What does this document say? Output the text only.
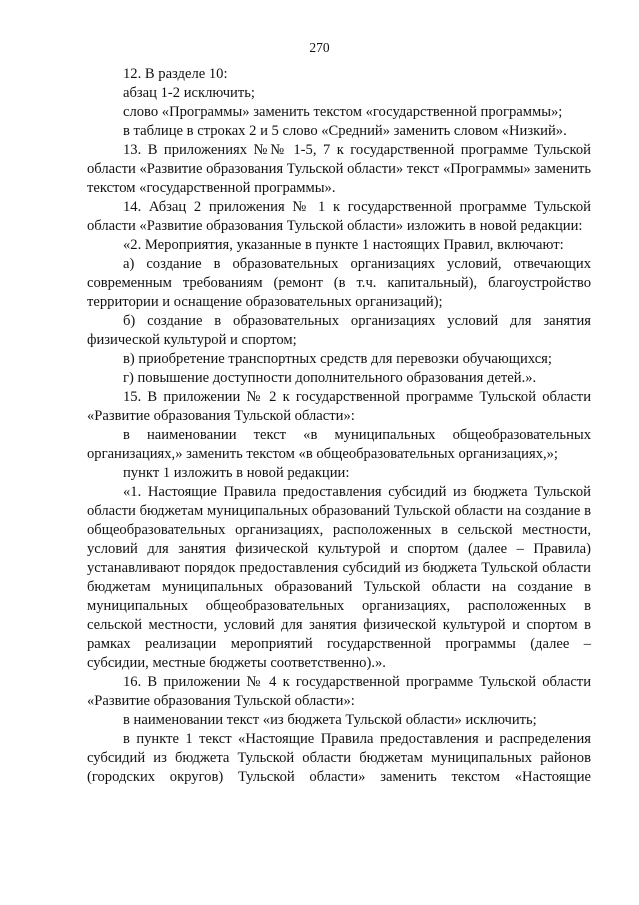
270

12. В разделе 10:

абзац 1-2 исключить;

слово «Программы» заменить текстом «государственной программы»;

в таблице в строках 2 и 5 слово «Средний» заменить словом «Низкий».

13. В приложениях №№ 1-5, 7 к государственной программе Тульской области «Развитие образования Тульской области» текст «Программы» заменить текстом «государственной программы».

14. Абзац 2 приложения № 1 к государственной программе Тульской области «Развитие образования Тульской области» изложить в новой редакции:

«2. Мероприятия, указанные в пункте 1 настоящих Правил, включают:

а) создание в образовательных организациях условий, отвечающих современным требованиям (ремонт (в т.ч. капитальный), благоустройство территории и оснащение образовательных организаций);

б) создание в образовательных организациях условий для занятия физической культурой и спортом;

в) приобретение транспортных средств для перевозки обучающихся;

г) повышение доступности дополнительного образования детей.».

15. В приложении № 2 к государственной программе Тульской области «Развитие образования Тульской области»:

в наименовании текст «в муниципальных общеобразовательных организациях,» заменить текстом «в общеобразовательных организациях,»;

пункт 1 изложить в новой редакции:

«1. Настоящие Правила предоставления субсидий из бюджета Тульской области бюджетам муниципальных образований Тульской области на создание в общеобразовательных организациях, расположенных в сельской местности, условий для занятия физической культурой и спортом (далее – Правила) устанавливают порядок предоставления субсидий из бюджета Тульской области бюджетам муниципальных образований Тульской области на создание в муниципальных общеобразовательных организациях, расположенных в сельской местности, условий для занятия физической культурой и спортом в рамках реализации мероприятий государственной программы (далее – субсидии, местные бюджеты соответственно).».

16. В приложении № 4 к государственной программе Тульской области «Развитие образования Тульской области»:

в наименовании текст «из бюджета Тульской области» исключить;

в пункте 1 текст «Настоящие Правила предоставления и распределения субсидий из бюджета Тульской области бюджетам муниципальных районов (городских округов) Тульской области» заменить текстом «Настоящие
